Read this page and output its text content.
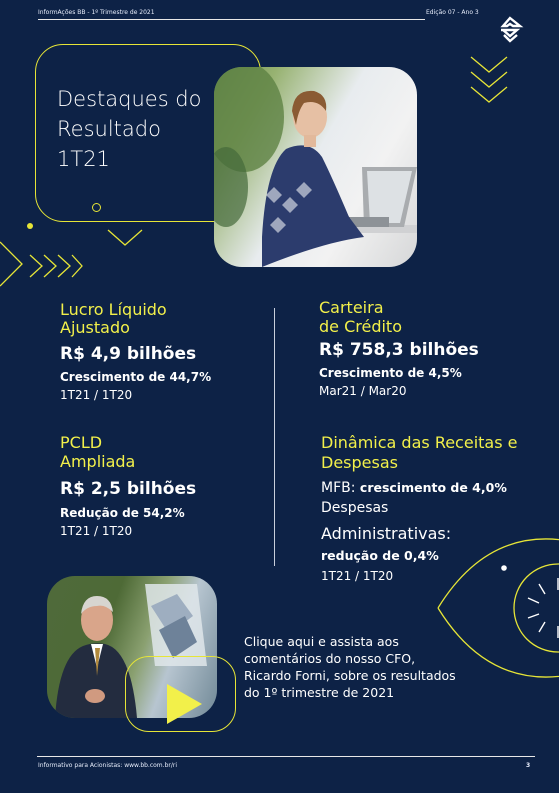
InformAções BB - 1º Trimestre de 2021	Edição 07 - Ano 3
Destaques do
Resultado
1T21
Lucro Líquido
Ajustado
R$ 4,9 bilhões
Crescimento de 44,7%
1T21 / 1T20
Carteira
de Crédito
R$ 758,3 bilhões
Crescimento de 4,5%
Mar21 / Mar20
PCLD
Ampliada
R$ 2,5 bilhões
Redução de 54,2%
1T21 / 1T20
Dinâmica das Receitas e
Despesas
MFB: crescimento de 4,0%
Despesas
Administrativas:
redução de 0,4%
1T21 / 1T20
Clique aqui e assista aos
comentários do nosso CFO,
Ricardo Forni, sobre os resultados
do 1º trimestre de 2021
Informativo para Acionistas: www.bb.com.br/ri	3
